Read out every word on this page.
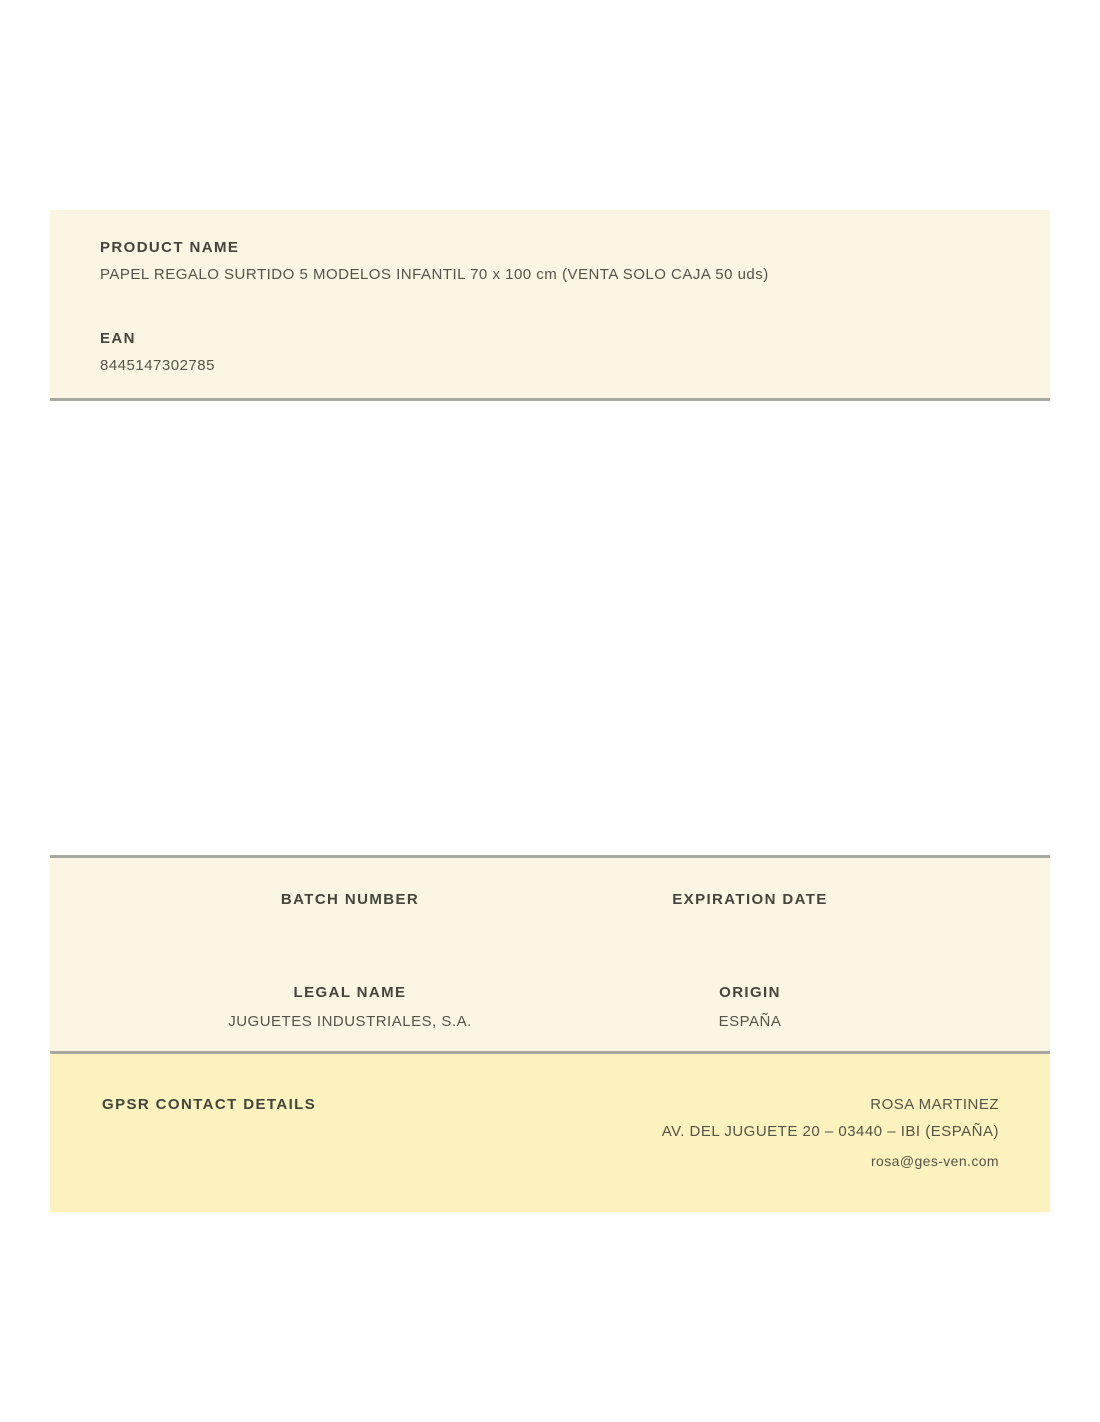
PRODUCT NAME
PAPEL REGALO SURTIDO 5 MODELOS INFANTIL 70 x 100 cm (VENTA SOLO CAJA 50 uds)
EAN
8445147302785
BATCH NUMBER
LEGAL NAME
JUGUETES INDUSTRIALES, S.A.
EXPIRATION DATE
ORIGIN
ESPAÑA
GPSR CONTACT DETAILS	ROSA MARTINEZ
AV. DEL JUGUETE 20 – 03440 – IBI (ESPAÑA)
rosa@ges-ven.com
